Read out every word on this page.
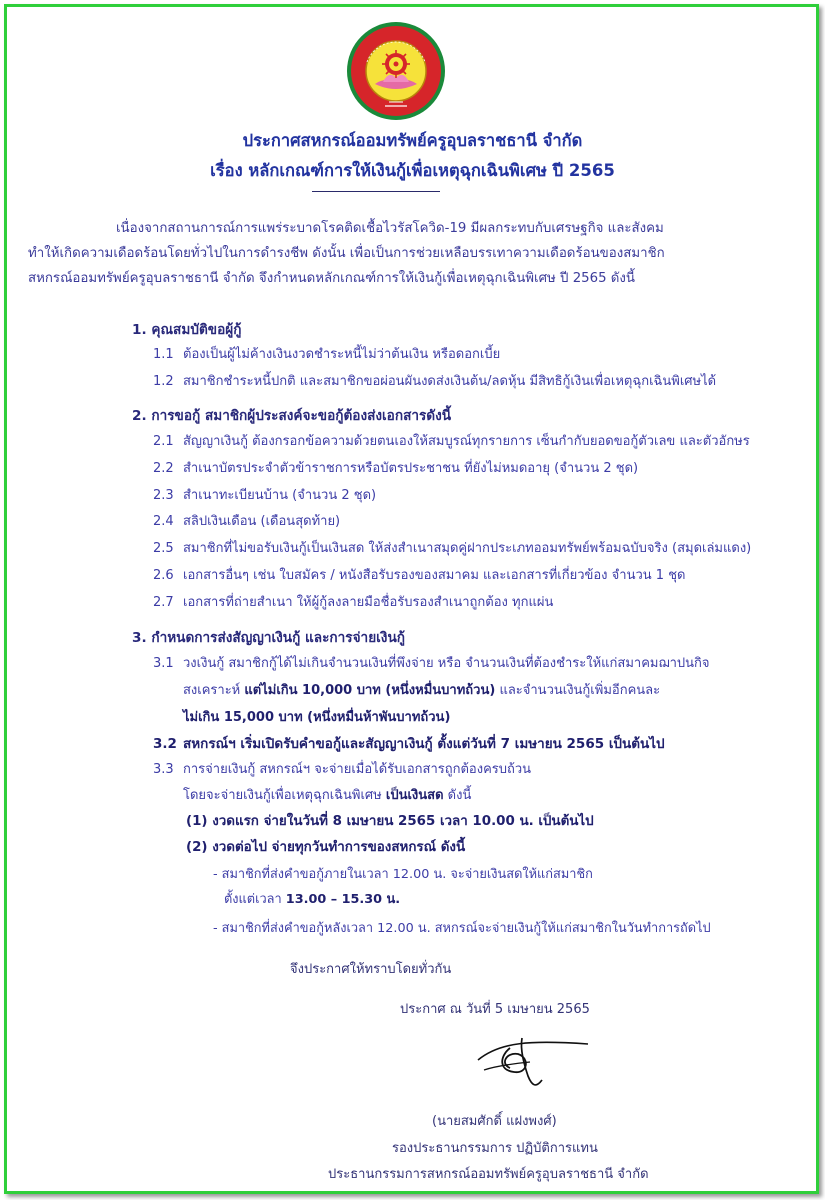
ประกาศสหกรณ์ออมทรัพย์ครูอุบลราชธานี จำกัด
เรื่อง หลักเกณฑ์การให้เงินกู้เพื่อเหตุฉุกเฉินพิเศษ ปี 2565
เนื่องจากสถานการณ์การแพร่ระบาดโรคติดเชื้อไวรัสโควิด-19 มีผลกระทบกับเศรษฐกิจ และสังคม
ทำให้เกิดความเดือดร้อนโดยทั่วไปในการดำรงชีพ ดังนั้น เพื่อเป็นการช่วยเหลือบรรเทาความเดือดร้อนของสมาชิก
สหกรณ์ออมทรัพย์ครูอุบลราชธานี จำกัด จึงกำหนดหลักเกณฑ์การให้เงินกู้เพื่อเหตุฉุกเฉินพิเศษ ปี 2565 ดังนี้
1. คุณสมบัติขอผู้กู้
1.1 ต้องเป็นผู้ไม่ค้างเงินงวดชำระหนี้ไม่ว่าต้นเงิน หรือดอกเบี้ย
1.2 สมาชิกชำระหนี้ปกติ และสมาชิกขอผ่อนผันงดส่งเงินต้น/ลดหุ้น มีสิทธิกู้เงินเพื่อเหตุฉุกเฉินพิเศษได้
2. การขอกู้ สมาชิกผู้ประสงค์จะขอกู้ต้องส่งเอกสารดังนี้
2.1 สัญญาเงินกู้ ต้องกรอกข้อความด้วยตนเองให้สมบูรณ์ทุกรายการ เซ็นกำกับยอดขอกู้ตัวเลข และตัวอักษร
2.2 สำเนาบัตรประจำตัวข้าราชการหรือบัตรประชาชน ที่ยังไม่หมดอายุ (จำนวน 2 ชุด)
2.3 สำเนาทะเบียนบ้าน (จำนวน 2 ชุด)
2.4 สลิปเงินเดือน (เดือนสุดท้าย)
2.5 สมาชิกที่ไม่ขอรับเงินกู้เป็นเงินสด ให้ส่งสำเนาสมุดคู่ฝากประเภทออมทรัพย์พร้อมฉบับจริง (สมุดเล่มแดง)
2.6 เอกสารอื่นๆ เช่น ใบสมัคร / หนังสือรับรองของสมาคม และเอกสารที่เกี่ยวข้อง จำนวน 1 ชุด
2.7 เอกสารที่ถ่ายสำเนา ให้ผู้กู้ลงลายมือชื่อรับรองสำเนาถูกต้อง ทุกแผ่น
3. กำหนดการส่งสัญญาเงินกู้ และการจ่ายเงินกู้
3.1 วงเงินกู้ สมาชิกกู้ได้ไม่เกินจำนวนเงินที่พึงจ่าย หรือ จำนวนเงินที่ต้องชำระให้แก่สมาคมฌาปนกิจ
สงเคราะห์ แต่ไม่เกิน 10,000 บาท (หนึ่งหมื่นบาทถ้วน) และจำนวนเงินกู้เพิ่มอีกคนละ
ไม่เกิน 15,000 บาท (หนึ่งหมื่นห้าพันบาทถ้วน)
3.2 สหกรณ์ฯ เริ่มเปิดรับคำขอกู้และสัญญาเงินกู้ ตั้งแต่วันที่ 7 เมษายน 2565 เป็นต้นไป
3.3 การจ่ายเงินกู้ สหกรณ์ฯ จะจ่ายเมื่อได้รับเอกสารถูกต้องครบถ้วน
โดยจะจ่ายเงินกู้เพื่อเหตุฉุกเฉินพิเศษ เป็นเงินสด ดังนี้
(1) งวดแรก จ่ายในวันที่ 8 เมษายน 2565 เวลา 10.00 น. เป็นต้นไป
(2) งวดต่อไป จ่ายทุกวันทำการของสหกรณ์ ดังนี้
- สมาชิกที่ส่งคำขอกู้ภายในเวลา 12.00 น. จะจ่ายเงินสดให้แก่สมาชิก
ตั้งแต่เวลา 13.00 – 15.30 น.
- สมาชิกที่ส่งคำขอกู้หลังเวลา 12.00 น. สหกรณ์จะจ่ายเงินกู้ให้แก่สมาชิกในวันทำการถัดไป
จึงประกาศให้ทราบโดยทั่วกัน
ประกาศ ณ วันที่ 5 เมษายน 2565
(นายสมศักดิ์ แฝงพงศ์)
รองประธานกรรมการ ปฏิบัติการแทน
ประธานกรรมการสหกรณ์ออมทรัพย์ครูอุบลราชธานี จำกัด
